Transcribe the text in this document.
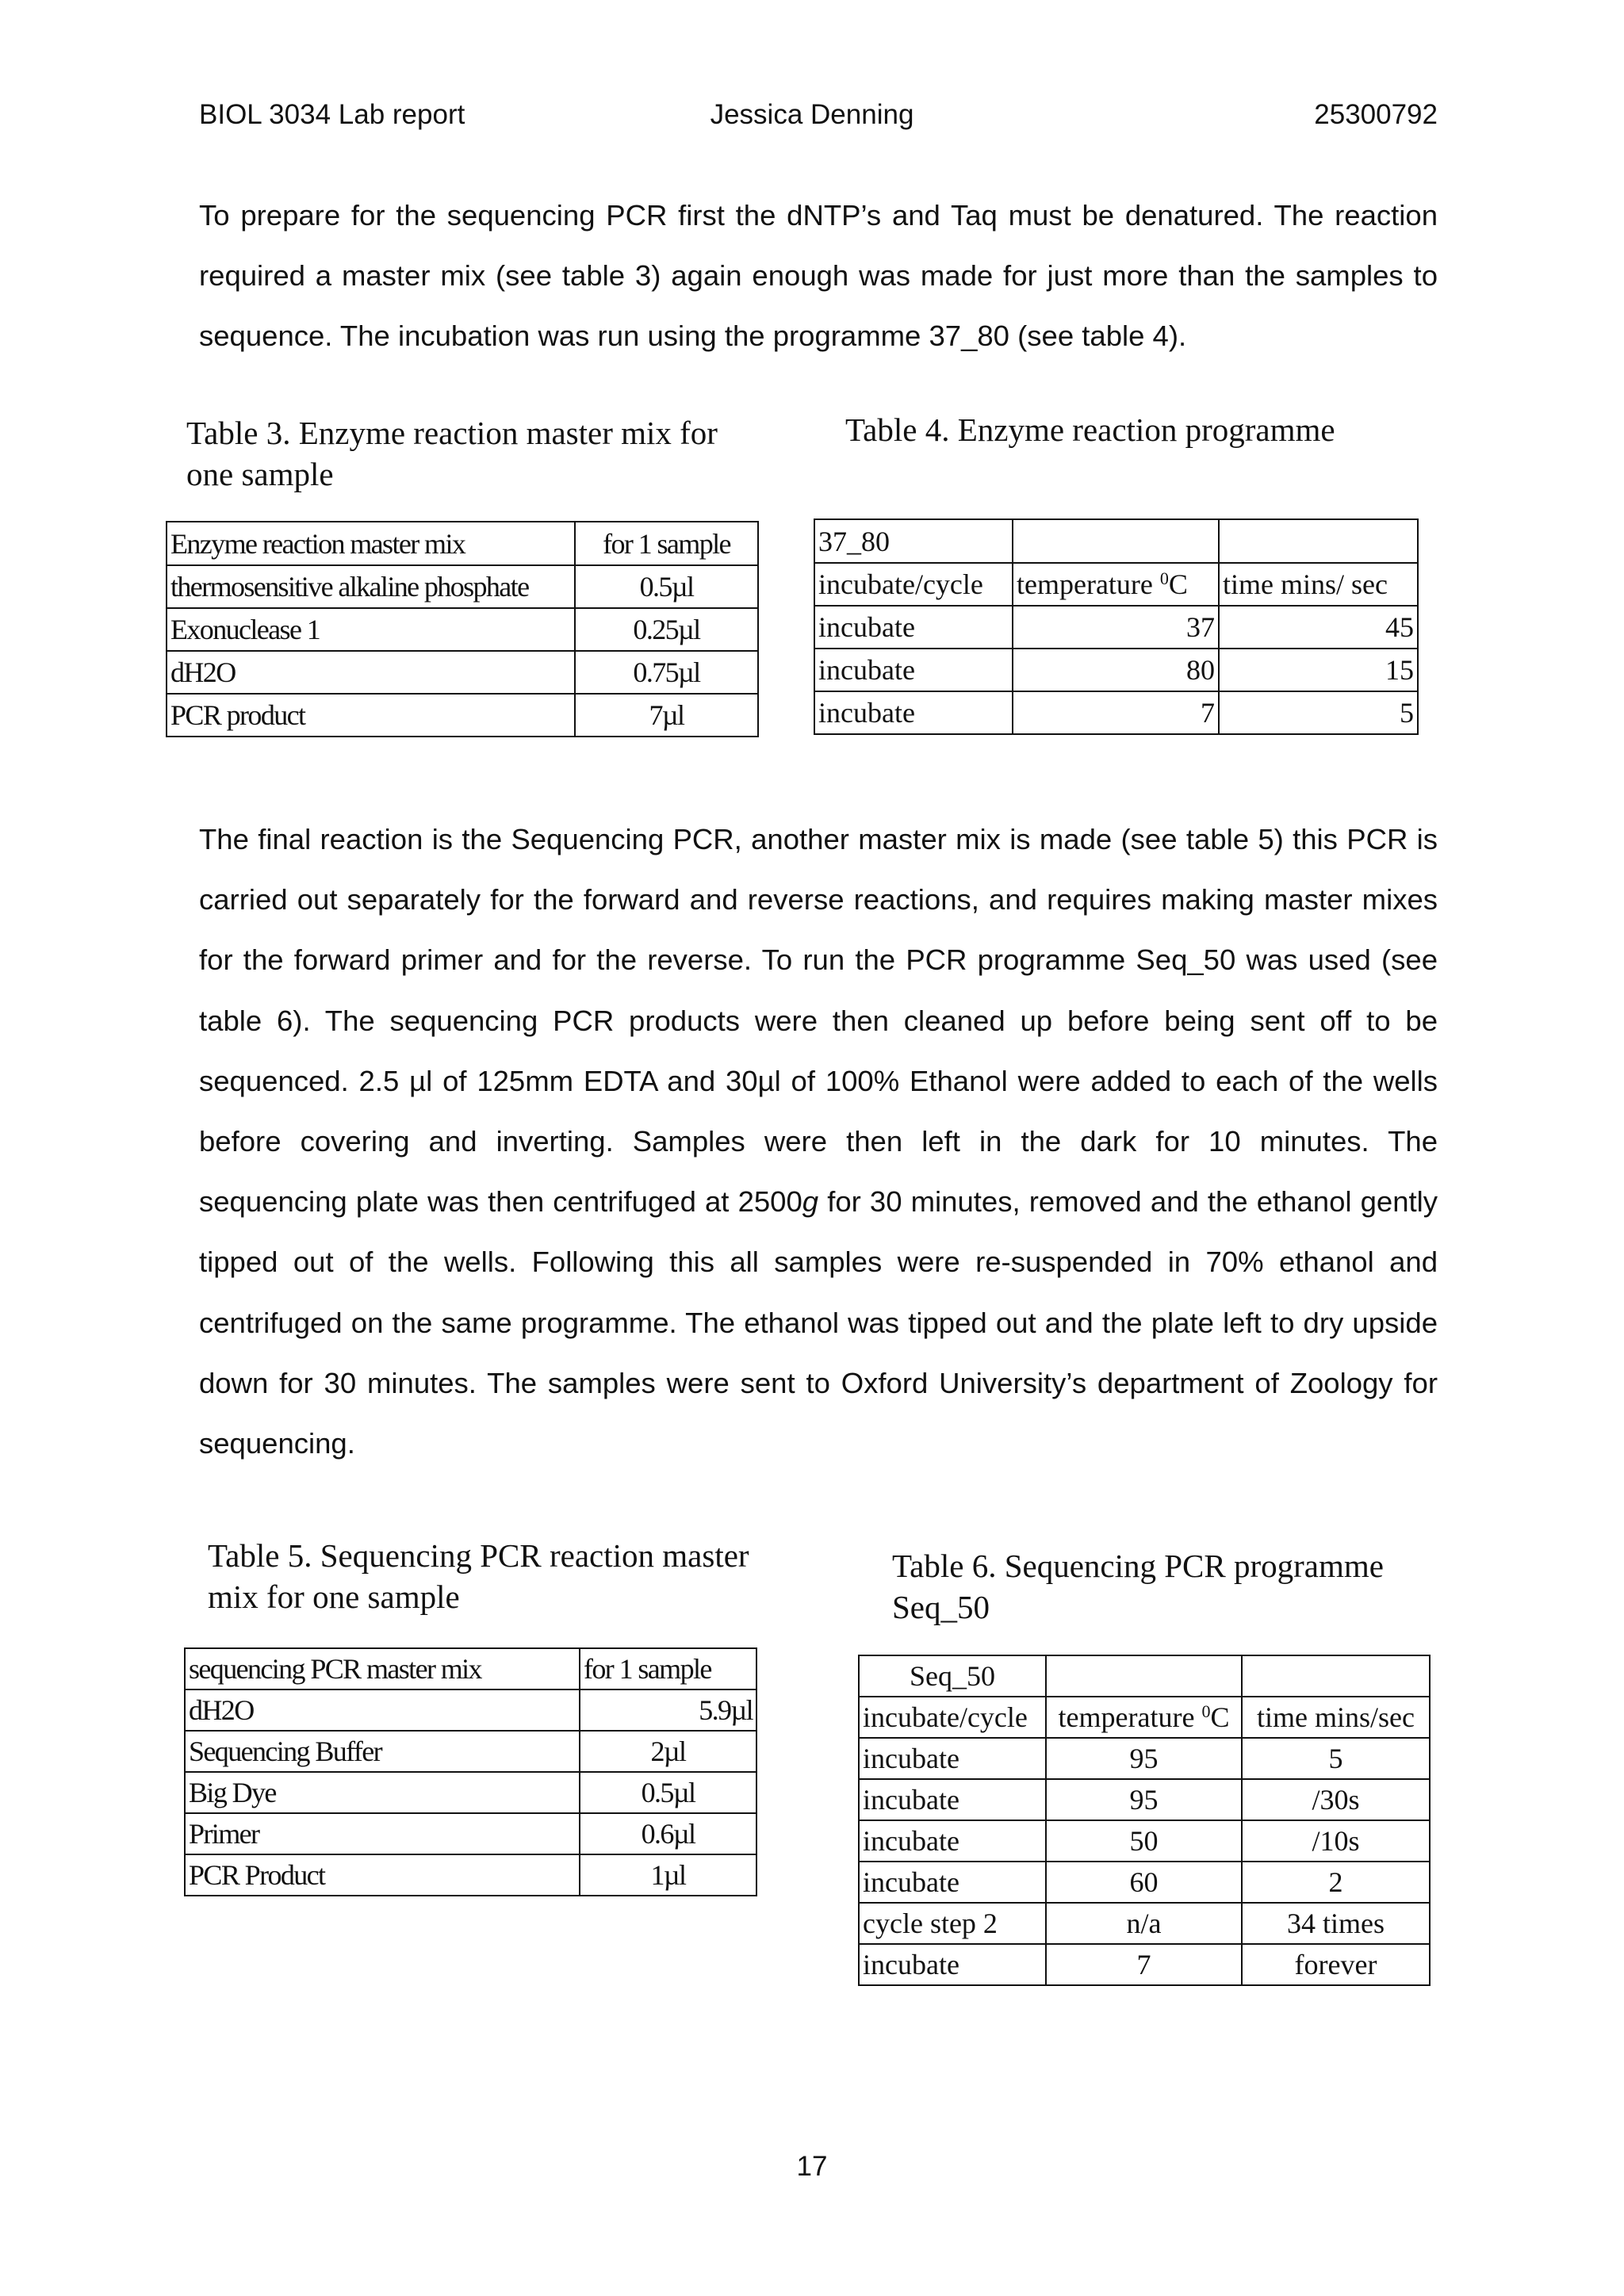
BIOL 3034 Lab report	Jessica Denning	25300792

To prepare for the sequencing PCR first the dNTP’s and Taq must be denatured. The reaction required a master mix (see table 3) again enough was made for just more than the samples to sequence. The incubation was run using the programme 37_80 (see table 4).

Table 3. Enzyme reaction master mix for one sample

Enzyme reaction master mix	for 1 sample
thermosensitive alkaline phosphate	0.5µl
Exonuclease 1	0.25µl
dH2O	0.75µl
PCR product	7µl

Table 4. Enzyme reaction programme

37_80		
incubate/cycle	temperature $^0$C	time mins/ sec
incubate	37	45
incubate	80	15
incubate	7	5

The final reaction is the Sequencing PCR, another master mix is made (see table 5) this PCR is carried out separately for the forward and reverse reactions, and requires making master mixes for the forward primer and for the reverse. To run the PCR programme Seq_50 was used (see table 6). The sequencing PCR products were then cleaned up before being sent off to be sequenced. 2.5 µl of 125mm EDTA and 30µl of 100% Ethanol were added to each of the wells before covering and inverting. Samples were then left in the dark for 10 minutes. The sequencing plate was then centrifuged at 2500g for 30 minutes, removed and the ethanol gently tipped out of the wells. Following this all samples were re-suspended in 70% ethanol and centrifuged on the same programme. The ethanol was tipped out and the plate left to dry upside down for 30 minutes. The samples were sent to Oxford University’s department of Zoology for sequencing.

Table 5. Sequencing PCR reaction master mix for one sample

sequencing PCR master mix	for 1 sample
dH2O	5.9µl
Sequencing Buffer	2µl
Big Dye	0.5µl
Primer	0.6µl
PCR Product	1µl

Table 6. Sequencing PCR programme Seq_50

Seq_50		
incubate/cycle	temperature $^0$C	time mins/sec
incubate	95	5
incubate	95	/30s
incubate	50	/10s
incubate	60	2
cycle step 2	n/a	34 times
incubate	7	forever
17
